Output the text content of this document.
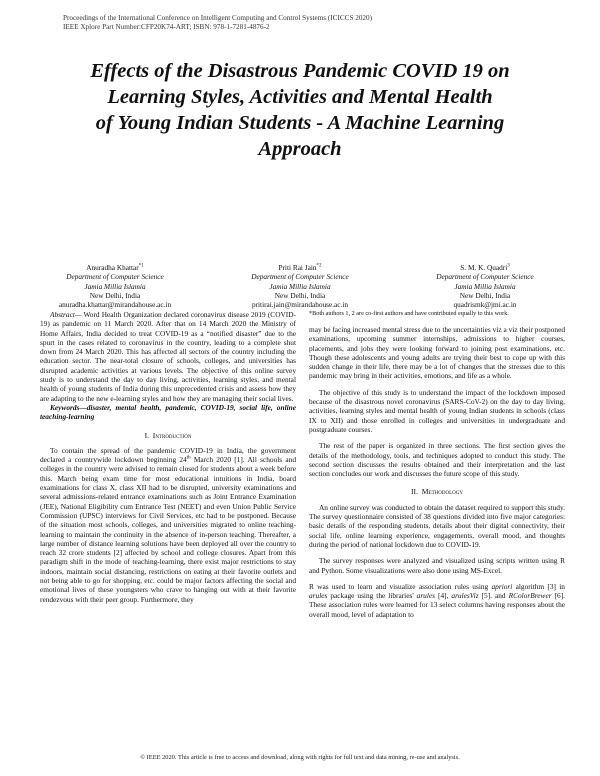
Proceedings of the International Conference on Intelligent Computing and Control Systems (ICICCS 2020)
IEEE Xplore Part Number:CFP20K74-ART; ISBN: 978-1-7281-4876-2
Effects of the Disastrous Pandemic COVID 19 on
Learning Styles, Activities and Mental Health
of Young Indian Students - A Machine Learning
Approach
Anuradha Khattar$^{*1}$
Department of Computer Science
Jamia Millia Islamia
New Delhi, India
anuradha.khattar@mirandahouse.ac.in
Priti Rai Jain$^{*2}$
Department of Computer Science
Jamia Millia Islamia
New Delhi, India
pritirai.jain@mirandahouse.ac.in
S. M. K. Quadri$^3$
Department of Computer Science
Jamia Millia Islamia
New Delhi, India
quadrismk@jmi.ac.in

Abstract— Word Health Organization declared coronavirus disease 2019 (COVID-19) as pandemic on 11 March 2020. After that on 14 March 2020 the Ministry of Home Affairs, India decided to treat COVID-19 as a “notified disaster” due to the spurt in the cases related to coronavirus in the country, leading to a complete shut down from 24 March 2020. This has affected all sectors of the country including the education sector. The near-total closure of schools, colleges, and universities has disrupted academic activities at various levels. The objective of this online survey study is to understand the day to day living, activities, learning styles, and mental health of young students of India during this unprecedented crisis and assess how they are adapting to the new e-learning styles and how they are managing their social lives.

Keywords—disaster, mental health, pandemic, COVID-19, social life, online teaching-learning

I. Introduction

To contain the spread of the pandemic COVID-19 in India, the government declared a countrywide lockdown beginning 24th March 2020 [1]. All schools and colleges in the country were advised to remain closed for students about a week before this. March being exam time for most educational intuitions in India, board examinations for class X, class XII had to be disrupted, university examinations and several admissions-related entrance examinations such as Joint Entrance Examination (JEE), National Eligibility cum Entrance Test (NEET) and even Union Public Service Commission (UPSC) interviews for Civil Services, etc had to be postponed. Because of the situation most schools, colleges, and universities migrated to online teaching-learning to maintain the continuity in the absence of in-person teaching. Thereafter, a large number of distance learning solutions have been deployed all over the country to reach 32 crore students [2] affected by school and college closures. Apart from this paradigm shift in the mode of teaching-learning, there exist major restrictions to stay indoors, maintain social distancing, restrictions on eating at their favorite outlets and not being able to go for shopping, etc. could be major factors affecting the social and emotional lives of these youngsters who crave to hanging out with at their favorite rendezvous with their peer group. Furthermore, they

*Both authors 1, 2 are co-first authors and have contributed equally to this work.

may be facing increased mental stress due to the uncertainties viz a viz their postponed examinations, upcoming summer internships, admissions to higher courses, placements, and jobs they were looking forward to joining post examinations, etc. Though these adolescents and young adults are trying their best to cope up with this sudden change in their life, there may be a lot of changes that the stresses due to this pandemic may bring in their activities, emotions, and life as a whole.

The objective of this study is to understand the impact of the lockdown imposed because of the disastrous novel coronavirus (SARS-CoV-2) on the day to day living, activities, learning styles and mental health of young Indian students in schools (class IX to XII) and those enrolled in colleges and universities in undergraduate and postgraduate courses.

The rest of the paper is organized in three sections. The first section gives the details of the methodology, tools, and techniques adopted to conduct this study. The second section discusses the results obtained and their interpretation and the last section concludes our work and discusses the future scope of this study.

II. Methodology

An online survey was conducted to obtain the dataset required to support this study. The survey questionnaire consisted of 38 questions divided into five major categories: basic details of the responding students, details about their digital connectivity, their social life, online learning experience, engagements, overall mood, and thoughts during the period of national lockdown due to COVID-19.

The survey responses were analyzed and visualized using scripts written using R and Python. Some visualizations were also done using MS-Excel.

R was used to learn and visualize association rules using apriori algorithm [3] in arules package using the libraries' arules [4], arulesViz [5]. and RColorBrewer [6]. These association rules were learned for 13 select columns having responses about the overall mood, level of adaptation to

© IEEE 2020. This article is free to access and download, along with rights for full text and data mining, re-use and analysis.
